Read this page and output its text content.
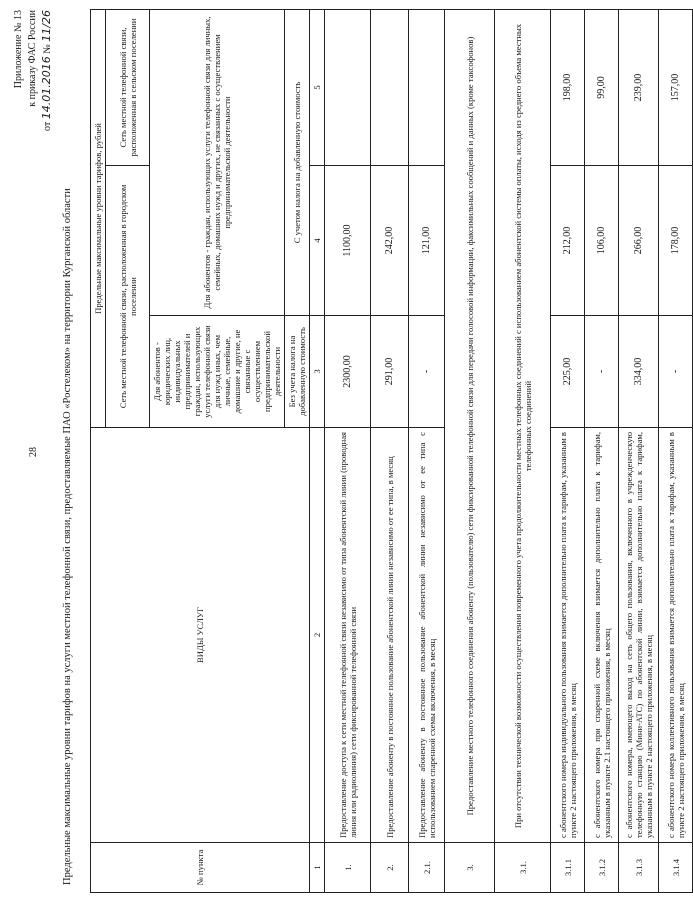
28
Приложение № 13 к приказу ФАС России
от 14.01.2016 № 11/26
Предельные максимальные уровни тарифов на услуги местной телефонной связи, предоставляемые ПАО «Ростелеком» на территории Курганской области	№ пункта	ВИДЫ УСЛУГ	Предельные максимальные уровни тарифов, рублей		
		Сеть местной телефонной связи, расположенная в городском поселении		Сеть местной телефонной связи, расположенная в сельском поселении
		Для абонентов - юридических лиц, индивидуальных предпринимателей и граждан, использующих услуги телефонной связи для нужд иных, чем личные, семейные, домашние и другие, не связанные с осуществлением предпринимательской деятельности	Для абонентов - граждан, использующих услуги телефонной связи для личных, семейных, домашних нужд и других, не связанных с осуществлением предпринимательской деятельности	
		Без учета налога на добавленную стоимость	С учетом налога на добавленную стоимость	
1	2	3	4	5
1.	Предоставление доступа к сети местной телефонной связи независимо от типа абонентской линии (проводная линия или радиолиния) сети фиксированной телефонной связи	2300,00	1100,00	
2.	Предоставление абоненту в постоянное пользование абонентской линии независимо от ее типа, в месяц	291,00	242,00	
2.1.	Предоставление абоненту в постоянное пользование абонентской линии независимо от ее типа с использованием спаренной схемы включения, в месяц	-	121,00	
3.	Предоставление местного телефонного соединения абоненту (пользователю) сети фиксированной телефонной связи для передачи голосовой информации, факсимильных сообщений и данных (кроме таксофонов)			
3.1.	При отсутствии технической возможности осуществления повременного учета продолжительности местных телефонных соединений с использованием абонентской системы оплаты, исходя из среднего объема местных телефонных соединений			
3.1.1	с абонентского номера индивидуального пользования взимается дополнительно плата к тарифам, указанным в пункте 2 настоящего приложения, в месяц	225,00	212,00	198,00
3.1.2	с абонентского номера при спаренной схеме включения взимается дополнительно плата к тарифам, указанным в пункте 2.1 настоящего приложения, в месяц	-	106,00	99,00
3.1.3	с абонентского номера, имеющего выход на сеть общего пользования, включенного в учрежденческую телефонную станцию (Мини-АТС) по абонентской линии, взимается дополнительно плата к тарифам, указанным в пункте 2 настоящего приложения, в месяц	334,00	266,00	239,00
3.1.4	с абонентского номера коллективного пользования взимается дополнительно плата к тарифам, указанным в пункте 2 настоящего приложения, в месяц	-	178,00	157,00
